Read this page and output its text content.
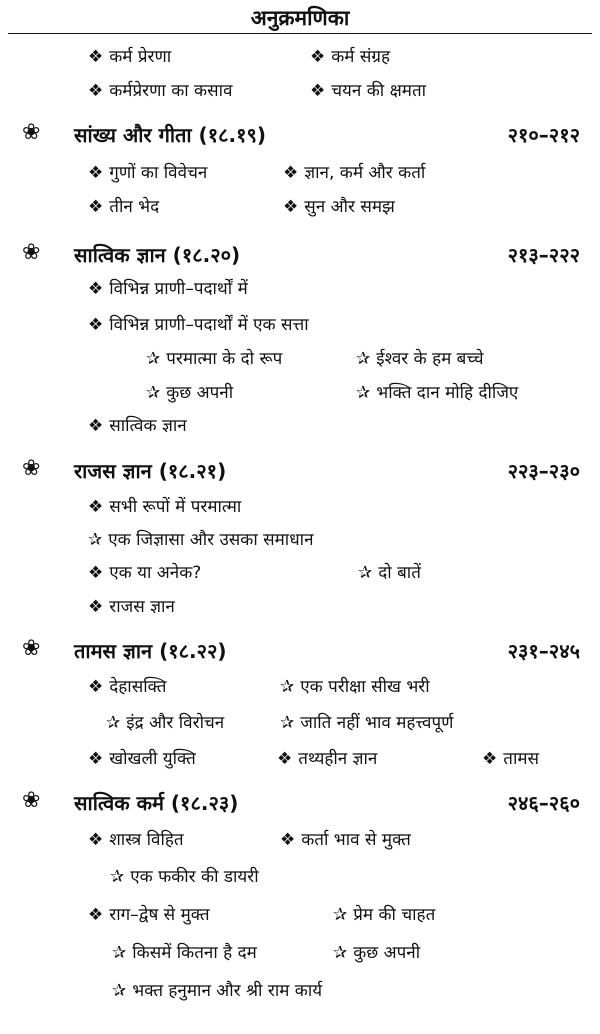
अनुक्रमणिका
❖ कर्म प्रेरणा	❖ कर्म संग्रह
❖ कर्मप्रेरणा का कसाव	❖ चयन की क्षमता
❀ सांख्य और गीता (१८.१९)	२१०–२१२
❖ गुणों का विवेचन	❖ ज्ञान, कर्म और कर्ता
❖ तीन भेद	❖ सुन और समझ
❀ सात्विक ज्ञान (१८.२०)	२१३–२२२
❖ विभिन्न प्राणी–पदार्थों में
❖ विभिन्न प्राणी–पदार्थों में एक सत्ता
✰ परमात्मा के दो रूप	✰ ईश्वर के हम बच्चे
✰ कुछ अपनी	✰ भक्ति दान मोहि दीजिए
❖ सात्विक ज्ञान
❀ राजस ज्ञान (१८.२१)	२२३–२३०
❖ सभी रूपों में परमात्मा
✰ एक जिज्ञासा और उसका समाधान
❖ एक या अनेक?	✰ दो बातें
❖ राजस ज्ञान
❀ तामस ज्ञान (१८.२२)	२३१–२४५
❖ देहासक्ति	✰ एक परीक्षा सीख भरी
✰ इंद्र और विरोचन	✰ जाति नहीं भाव महत्त्वपूर्ण
❖ खोखली युक्ति	❖ तथ्यहीन ज्ञान	❖ तामस
❀ सात्विक कर्म (१८.२३)	२४६–२६०
❖ शास्त्र विहित	❖ कर्ता भाव से मुक्त
✰ एक फकीर की डायरी
❖ राग–द्वेष से मुक्त	✰ प्रेम की चाहत
✰ किसमें कितना है दम	✰ कुछ अपनी
✰ भक्त हनुमान और श्री राम कार्य
